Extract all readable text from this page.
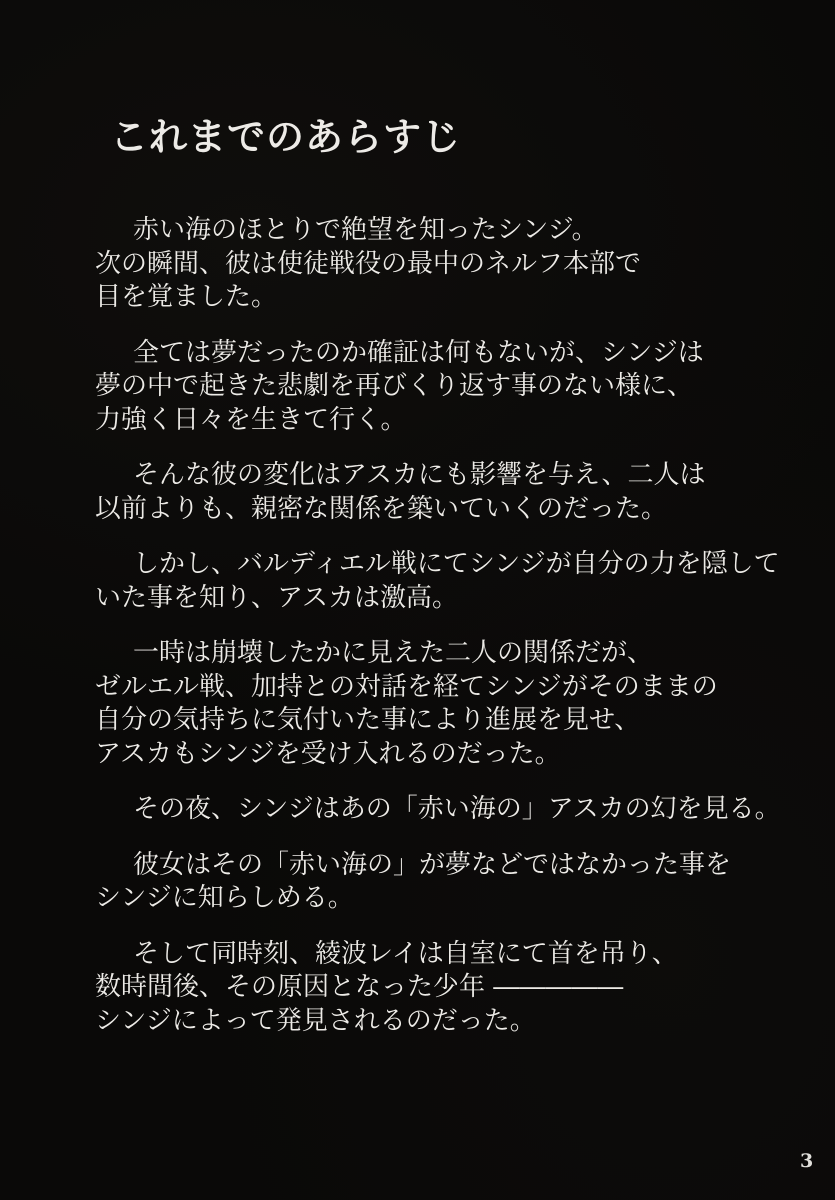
これまでのあらすじ
赤い海のほとりで絶望を知ったシンジ。
次の瞬間、彼は使徒戦役の最中のネルフ本部で
目を覚ました。
全ては夢だったのか確証は何もないが、シンジは
夢の中で起きた悲劇を再びくり返す事のない様に、
力強く日々を生きて行く。
そんな彼の変化はアスカにも影響を与え、二人は
以前よりも、親密な関係を築いていくのだった。
しかし、バルディエル戦にてシンジが自分の力を隠して
いた事を知り、アスカは激高。
一時は崩壊したかに見えた二人の関係だが、
ゼルエル戦、加持との対話を経てシンジがそのままの
自分の気持ちに気付いた事により進展を見せ、
アスカもシンジを受け入れるのだった。
その夜、シンジはあの「赤い海の」アスカの幻を見る。
彼女はその「赤い海の」が夢などではなかった事を
シンジに知らしめる。
そして同時刻、綾波レイは自室にて首を吊り、
数時間後、その原因となった少年 ―――――
シンジによって発見されるのだった。
3
